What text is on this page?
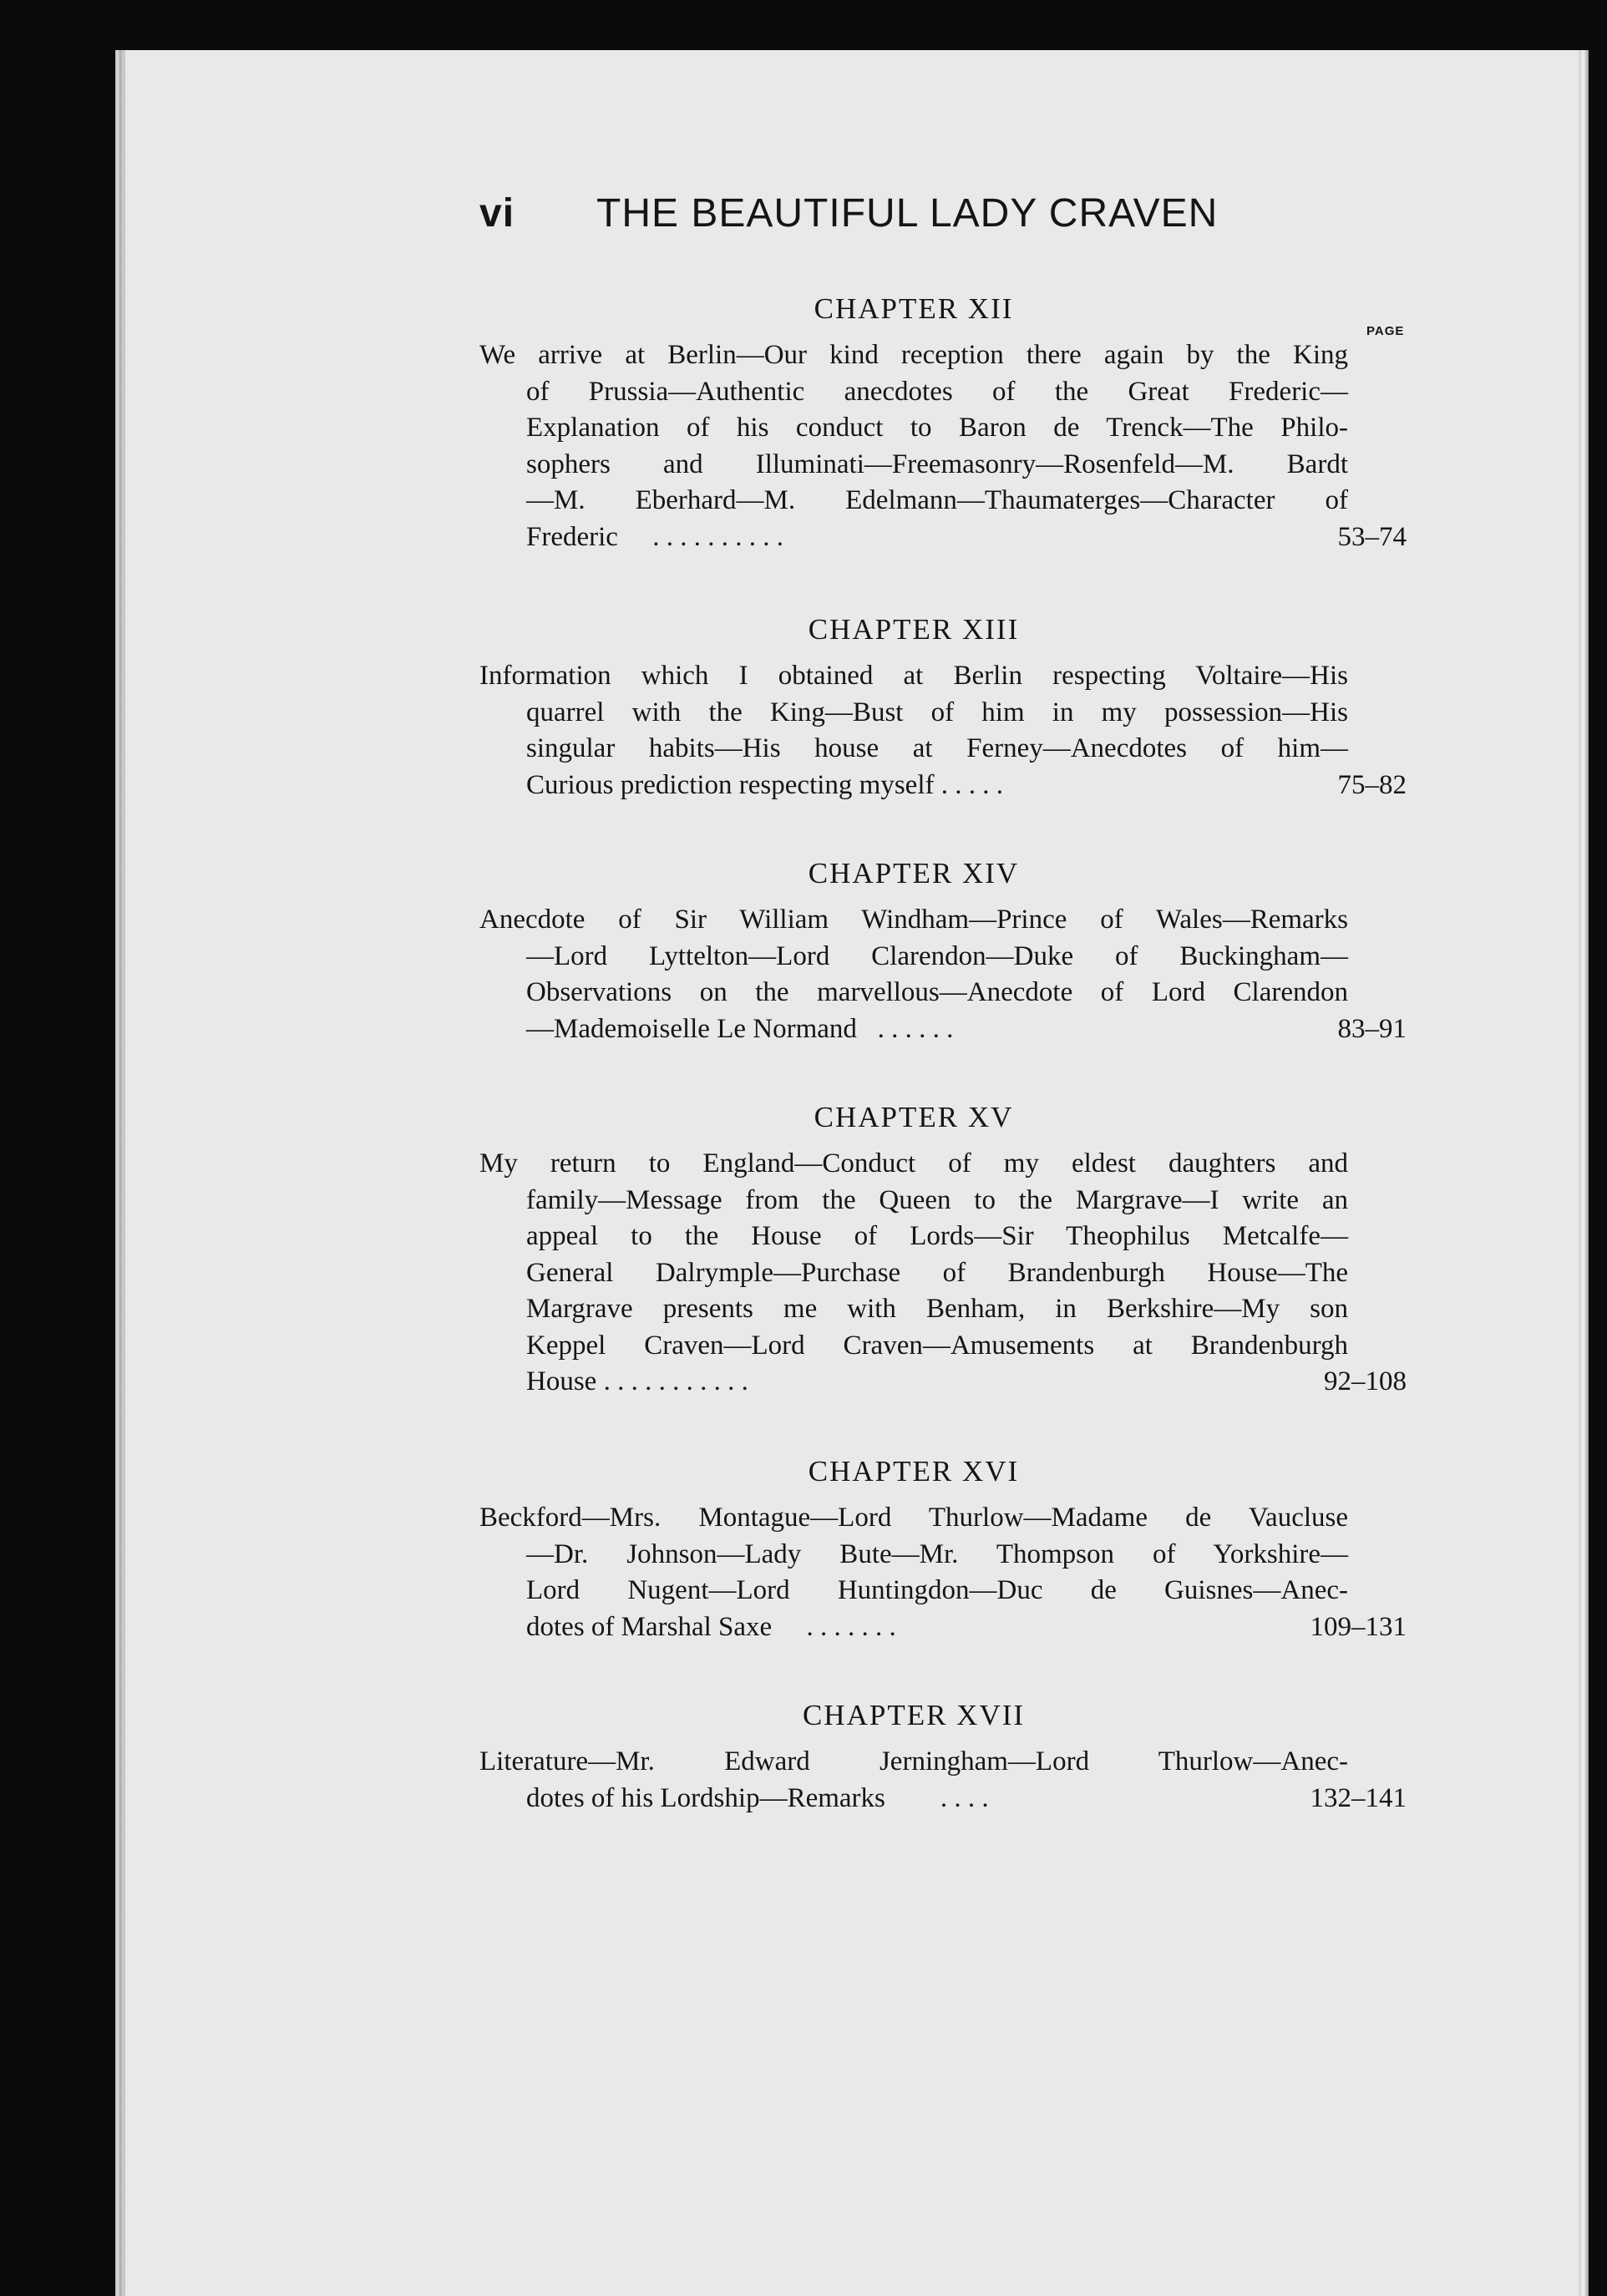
vi THE BEAUTIFUL LADY CRAVEN
PAGE
CHAPTER XII
We arrive at Berlin—Our kind reception there again by the King
of Prussia—Authentic anecdotes of the Great Frederic—
Explanation of his conduct to Baron de Trenck—The Philo-
sophers and Illuminati—Freemasonry—Rosenfeld—M. Bardt
—M. Eberhard—M. Edelmann—Thaumaterges—Character of
Frederic . . . . . . . . . .	53–74
CHAPTER XIII
Information which I obtained at Berlin respecting Voltaire—His
quarrel with the King—Bust of him in my possession—His
singular habits—His house at Ferney—Anecdotes of him—
Curious prediction respecting myself . . . . .	75–82
CHAPTER XIV
Anecdote of Sir William Windham—Prince of Wales—Remarks
—Lord Lyttelton—Lord Clarendon—Duke of Buckingham—
Observations on the marvellous—Anecdote of Lord Clarendon
—Mademoiselle Le Normand . . . . . .	83–91
CHAPTER XV
My return to England—Conduct of my eldest daughters and
family—Message from the Queen to the Margrave—I write an
appeal to the House of Lords—Sir Theophilus Metcalfe—
General Dalrymple—Purchase of Brandenburgh House—The
Margrave presents me with Benham, in Berkshire—My son
Keppel Craven—Lord Craven—Amusements at Brandenburgh
House . . . . . . . . . . .	92–108
CHAPTER XVI
Beckford—Mrs. Montague—Lord Thurlow—Madame de Vaucluse
—Dr. Johnson—Lady Bute—Mr. Thompson of Yorkshire—
Lord Nugent—Lord Huntingdon—Duc de Guisnes—Anec-
dotes of Marshal Saxe . . . . . . .	109–131
CHAPTER XVII
Literature—Mr. Edward Jerningham—Lord Thurlow—Anec-
dotes of his Lordship—Remarks . . . .	132–141
